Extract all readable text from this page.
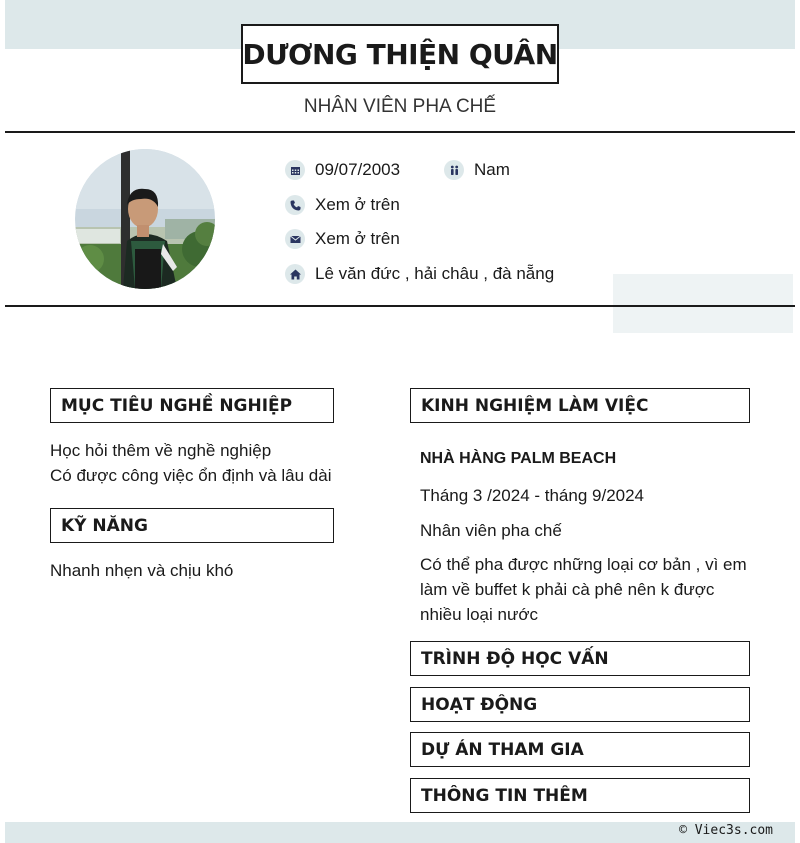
DƯƠNG THIỆN QUÂN
NHÂN VIÊN PHA CHẾ
09/07/2003	Nam
Xem ở trên
Xem ở trên
Lê văn đức , hải châu , đà nẵng
MỤC TIÊU NGHỀ NGHIỆP
Học hỏi thêm về nghề nghiệp
Có được công việc ổn định và lâu dài
KỸ NĂNG
Nhanh nhẹn và chịu khó
KINH NGHIỆM LÀM VIỆC
NHÀ HÀNG PALM BEACH
Tháng 3 /2024 - tháng 9/2024
Nhân viên pha chế
Có thể pha được những loại cơ bản , vì em
làm về buffet k phải cà phê nên k được
nhiều loại nước
TRÌNH ĐỘ HỌC VẤN
HOẠT ĐỘNG
DỰ ÁN THAM GIA
THÔNG TIN THÊM
© Viec3s.com
